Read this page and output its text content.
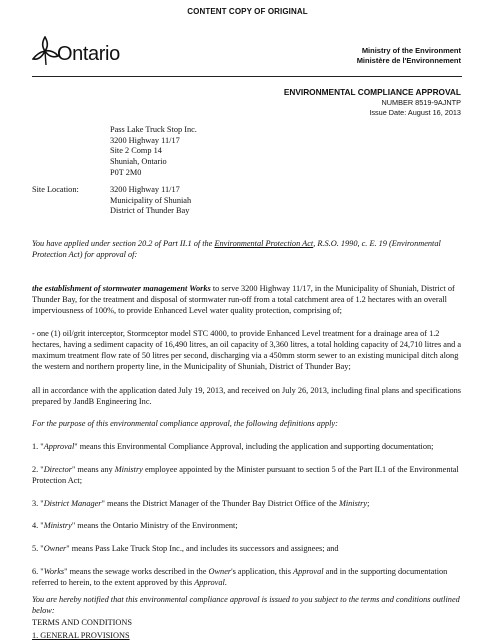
CONTENT COPY OF ORIGINAL
Ontario	Ministry of the Environment
Ministère de l'Environnement
ENVIRONMENTAL COMPLIANCE APPROVAL
NUMBER 8519-9AJNTP
Issue Date: August 16, 2013
Pass Lake Truck Stop Inc.
3200 Highway 11/17
Site 2 Comp 14
Shuniah, Ontario
P0T 2M0
Site Location:	3200 Highway 11/17
Municipality of Shuniah
District of Thunder Bay
You have applied under section 20.2 of Part II.1 of the Environmental Protection Act, R.S.O. 1990, c. E. 19 (Environmental Protection Act) for approval of:
the establishment of stormwater management Works to serve 3200 Highway 11/17, in the Municipality of Shuniah, District of Thunder Bay, for the treatment and disposal of stormwater run-off from a total catchment area of 1.2 hectares with an overall imperviousness of 100%, to provide Enhanced Level water quality protection, comprising of;
- one (1) oil/grit interceptor, Stormceptor model STC 4000, to provide Enhanced Level treatment for a drainage area of 1.2 hectares, having a sediment capacity of 16,490 litres, an oil capacity of 3,360 litres, a total holding capacity of 24,710 litres and a maximum treatment flow rate of 50 litres per second, discharging via a 450mm storm sewer to an existing municipal ditch along the western and northern property line, in the Municipality of Shuniah, District of Thunder Bay;
all in accordance with the application dated July 19, 2013, and received on July 26, 2013, including final plans and specifications prepared by JandB Engineering Inc.
For the purpose of this environmental compliance approval, the following definitions apply:
1. "Approval" means this Environmental Compliance Approval, including the application and supporting documentation;
2. "Director" means any Ministry employee appointed by the Minister pursuant to section 5 of the Part II.1 of the Environmental Protection Act;
3. "District Manager" means the District Manager of the Thunder Bay District Office of the Ministry;
4. "Ministry" means the Ontario Ministry of the Environment;
5. "Owner" means Pass Lake Truck Stop Inc., and includes its successors and assignees; and
6. "Works" means the sewage works described in the Owner's application, this Approval and in the supporting documentation referred to herein, to the extent approved by this Approval.
You are hereby notified that this environmental compliance approval is issued to you subject to the terms and conditions outlined below:
TERMS AND CONDITIONS
1. GENERAL PROVISIONS
